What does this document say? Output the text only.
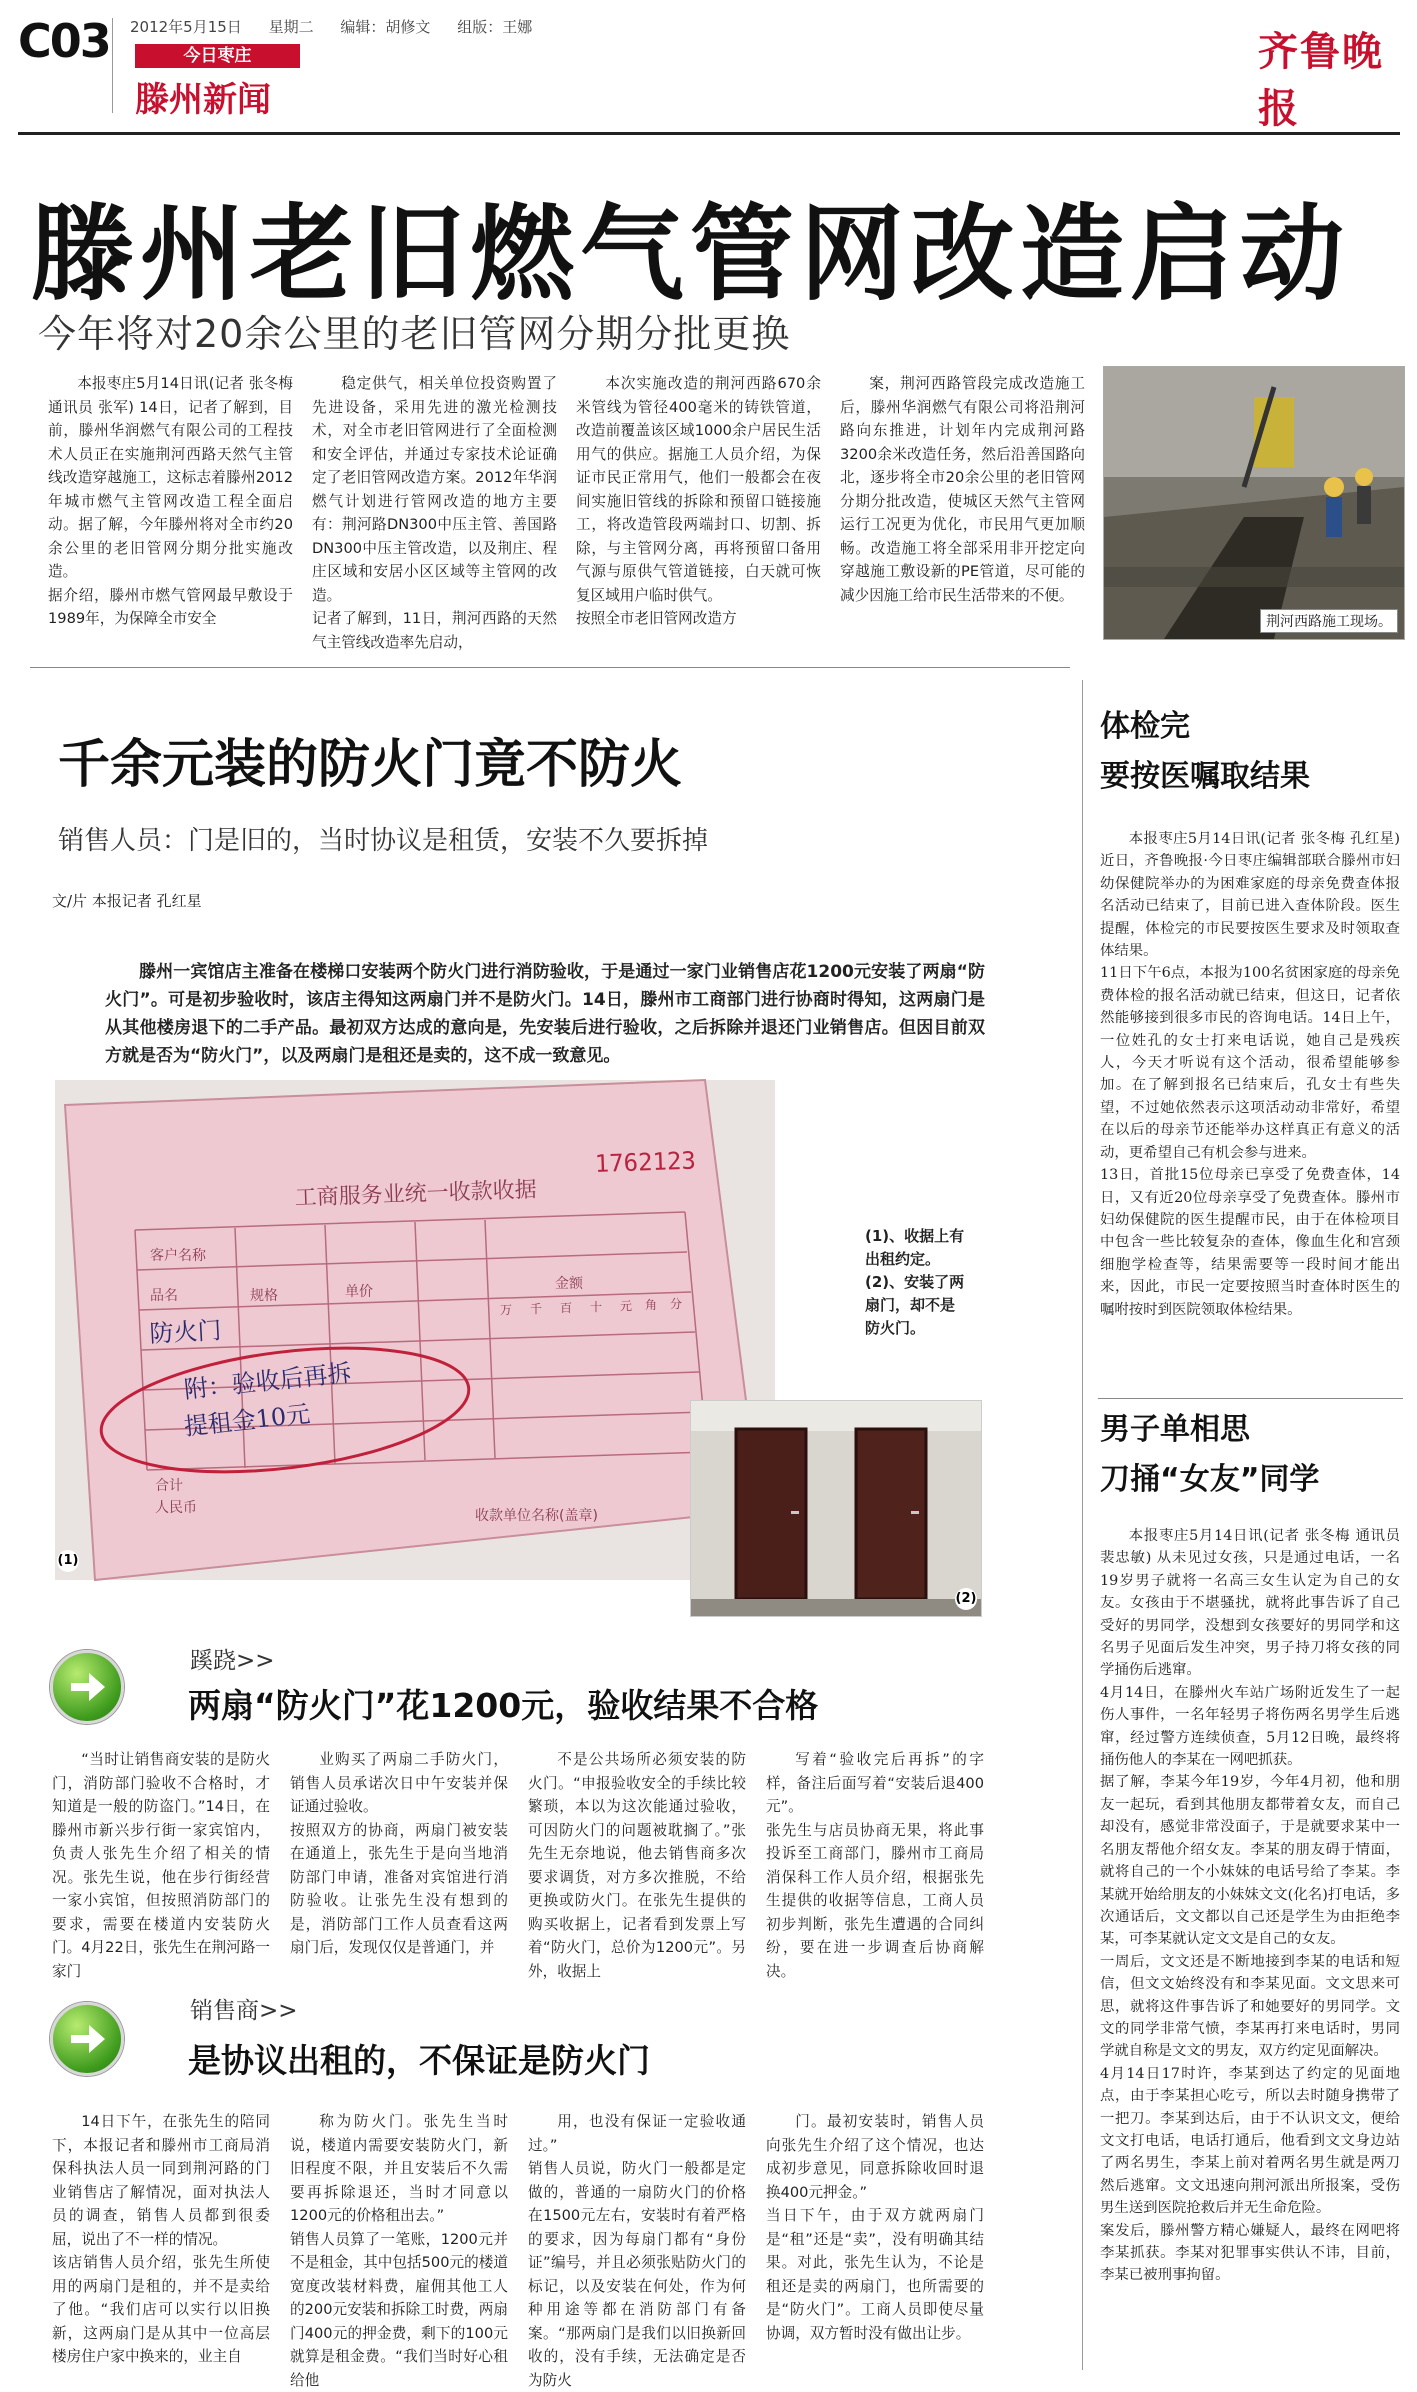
C03 2012年5月15日 星期二 编辑：胡修文 组版：王娜
今日枣庄
滕州新闻
齐鲁晚报
滕州老旧燃气管网改造启动
今年将对20余公里的老旧管网分期分批更换
本报枣庄5月14日讯(记者 张冬梅 通讯员 张军) 14日，记者了解到，目前，滕州华润燃气有限公司的工程技术人员正在实施荆河西路天然气主管线改造穿越施工，这标志着滕州2012年城市燃气主管网改造工程全面启动。据了解，今年滕州将对全市约20余公里的老旧管网分期分批实施改造。
据介绍，滕州市燃气管网最早敷设于1989年，为保障全市安全
稳定供气，相关单位投资购置了先进设备，采用先进的激光检测技术，对全市老旧管网进行了全面检测和安全评估，并通过专家技术论证确定了老旧管网改造方案。2012年华润燃气计划进行管网改造的地方主要有：荆河路DN300中压主管、善国路DN300中压主管改造，以及荆庄、程庄区域和安居小区区域等主管网的改造。
记者了解到，11日，荆河西路的天然气主管线改造率先启动，
本次实施改造的荆河西路670余米管线为管径400毫米的铸铁管道，改造前覆盖该区域1000余户居民生活用气的供应。据施工人员介绍，为保证市民正常用气，他们一般都会在夜间实施旧管线的拆除和预留口链接施工，将改造管段两端封口、切割、拆除，与主管网分离，再将预留口备用气源与原供气管道链接，白天就可恢复区域用户临时供气。
按照全市老旧管网改造方
案，荆河西路管段完成改造施工后，滕州华润燃气有限公司将沿荆河路向东推进，计划年内完成荆河路3200余米改造任务，然后沿善国路向北，逐步将全市20余公里的老旧管网分期分批改造，使城区天然气主管网运行工况更为优化，市民用气更加顺畅。改造施工将全部采用非开挖定向穿越施工敷设新的PE管道，尽可能的减少因施工给市民生活带来的不便。
荆河西路施工现场。
千余元装的防火门竟不防火
销售人员：门是旧的，当时协议是租赁，安装不久要拆掉
文/片 本报记者 孔红星

滕州一宾馆店主准备在楼梯口安装两个防火门进行消防验收，于是通过一家门业销售店花1200元安装了两扇“防火门”。可是初步验收时，该店主得知这两扇门并不是防火门。14日，滕州市工商部门进行协商时得知，这两扇门是从其他楼房退下的二手产品。最初双方达成的意向是，先安装后进行验收，之后拆除并退还门业销售店。但因目前双方就是否为“防火门”，以及两扇门是租还是卖的，这不成一致意见。

工商服务业统一收款收据
1762123
客户名称
品名	规格	单价	金额
万 千 百 十 元 角 分
合计
人民币	收款单位名称(盖章)
防火门
附：验收后再拆
提租金10元
(1)
(1)、收据上有出租约定。
(2)、安装了两扇门，却不是防火门。
(2)
蹊跷>>
两扇“防火门”花1200元，验收结果不合格
“当时让销售商安装的是防火门，消防部门验收不合格时，才知道是一般的防盗门。”14日，在滕州市新兴步行街一家宾馆内，负责人张先生介绍了相关的情况。张先生说，他在步行街经营一家小宾馆，但按照消防部门的要求，需要在楼道内安装防火门。4月22日，张先生在荆河路一家门
业购买了两扇二手防火门，销售人员承诺次日中午安装并保证通过验收。
按照双方的协商，两扇门被安装在通道上，张先生于是向当地消防部门申请，准备对宾馆进行消防验收。让张先生没有想到的是，消防部门工作人员查看这两扇门后，发现仅仅是普通门，并
不是公共场所必须安装的防火门。“申报验收安全的手续比较繁琐，本以为这次能通过验收，可因防火门的问题被耽搁了。”张先生无奈地说，他去销售商多次要求调货，对方多次推脱，不给更换或防火门。在张先生提供的购买收据上，记者看到发票上写着“防火门，总价为1200元”。另外，收据上
写着“验收完后再拆”的字样，备注后面写着“安装后退400元”。
张先生与店员协商无果，将此事投诉至工商部门，滕州市工商局消保科工作人员介绍，根据张先生提供的收据等信息，工商人员初步判断，张先生遭遇的合同纠纷，要在进一步调查后协商解决。
销售商>>
是协议出租的，不保证是防火门
14日下午，在张先生的陪同下，本报记者和滕州市工商局消保科执法人员一同到荆河路的门业销售店了解情况，面对执法人员的调查，销售人员都到很委屈，说出了不一样的情况。
该店销售人员介绍，张先生所使用的两扇门是租的，并不是卖给了他。“我们店可以实行以旧换新，这两扇门是从其中一位高层楼房住户家中换来的，业主自
称为防火门。张先生当时说，楼道内需要安装防火门，新旧程度不限，并且安装后不久需要再拆除退还，当时才同意以1200元的价格租出去。”
销售人员算了一笔账，1200元并不是租金，其中包括500元的楼道宽度改装材料费，雇佣其他工人的200元安装和拆除工时费，两扇门400元的押金费，剩下的100元就算是租金费。“我们当时好心租给他
用，也没有保证一定验收通过。”
销售人员说，防火门一般都是定做的，普通的一扇防火门的价格在1500元左右，安装时有着严格的要求，因为每扇门都有“身份证”编号，并且必须张贴防火门的标记，以及安装在何处，作为何种用途等都在消防部门有备案。“那两扇门是我们以旧换新回收的，没有手续，无法确定是否为防火
门。最初安装时，销售人员向张先生介绍了这个情况，也达成初步意见，同意拆除收回时退换400元押金。”
当日下午，由于双方就两扇门是“租”还是“卖”，没有明确其结果。对此，张先生认为，不论是租还是卖的两扇门，也所需要的是“防火门”。工商人员即使尽量协调，双方暂时没有做出让步。
体检完
要按医嘱取结果
本报枣庄5月14日讯(记者 张冬梅 孔红星) 近日，齐鲁晚报·今日枣庄编辑部联合滕州市妇幼保健院举办的为困难家庭的母亲免费查体报名活动已结束了，目前已进入查体阶段。医生提醒，体检完的市民要按医生要求及时领取查体结果。
11日下午6点，本报为100名贫困家庭的母亲免费体检的报名活动就已结束，但这日，记者依然能够接到很多市民的咨询电话。14日上午，一位姓孔的女士打来电话说，她自己是残疾人，今天才听说有这个活动，很希望能够参加。在了解到报名已结束后，孔女士有些失望，不过她依然表示这项活动动非常好，希望在以后的母亲节还能举办这样真正有意义的活动，更希望自己有机会参与进来。
13日，首批15位母亲已享受了免费查体，14日，又有近20位母亲享受了免费查体。滕州市妇幼保健院的医生提醒市民，由于在体检项目中包含一些比较复杂的查体，像血生化和宫颈细胞学检查等，结果需要等一段时间才能出来，因此，市民一定要按照当时查体时医生的嘱咐按时到医院领取体检结果。
男子单相思
刀捅“女友”同学
本报枣庄5月14日讯(记者 张冬梅 通讯员 裴忠敏) 从未见过女孩，只是通过电话，一名19岁男子就将一名高三女生认定为自己的女友。女孩由于不堪骚扰，就将此事告诉了自己受好的男同学，没想到女孩要好的男同学和这名男子见面后发生冲突，男子持刀将女孩的同学捅伤后逃窜。
4月14日，在滕州火车站广场附近发生了一起伤人事件，一名年轻男子将伤两名男学生后逃窜，经过警方连续侦查，5月12日晚，最终将捅伤他人的李某在一网吧抓获。
据了解，李某今年19岁，今年4月初，他和朋友一起玩，看到其他朋友都带着女友，而自己却没有，感觉非常没面子，于是就要求某中一名朋友帮他介绍女友。李某的朋友碍于情面，就将自己的一个小妹妹的电话号给了李某。李某就开始给朋友的小妹妹文文(化名)打电话，多次通话后，文文都以自己还是学生为由拒绝李某，可李某就认定文文是自己的女友。
一周后，文文还是不断地接到李某的电话和短信，但文文始终没有和李某见面。文文思来可思，就将这件事告诉了和她要好的男同学。文文的同学非常气愤，李某再打来电话时，男同学就自称是文文的男友，双方约定见面解决。
4月14日17时许，李某到达了约定的见面地点，由于李某担心吃亏，所以去时随身携带了一把刀。李某到达后，由于不认识文文，便给文文打电话，电话打通后，他看到文文身边站了两名男生，李某上前对着两名男生就是两刀然后逃窜。文文迅速向荆河派出所报案，受伤男生送到医院抢救后并无生命危险。
案发后，滕州警方精心嫌疑人，最终在网吧将李某抓获。李某对犯罪事实供认不讳，目前，李某已被刑事拘留。
